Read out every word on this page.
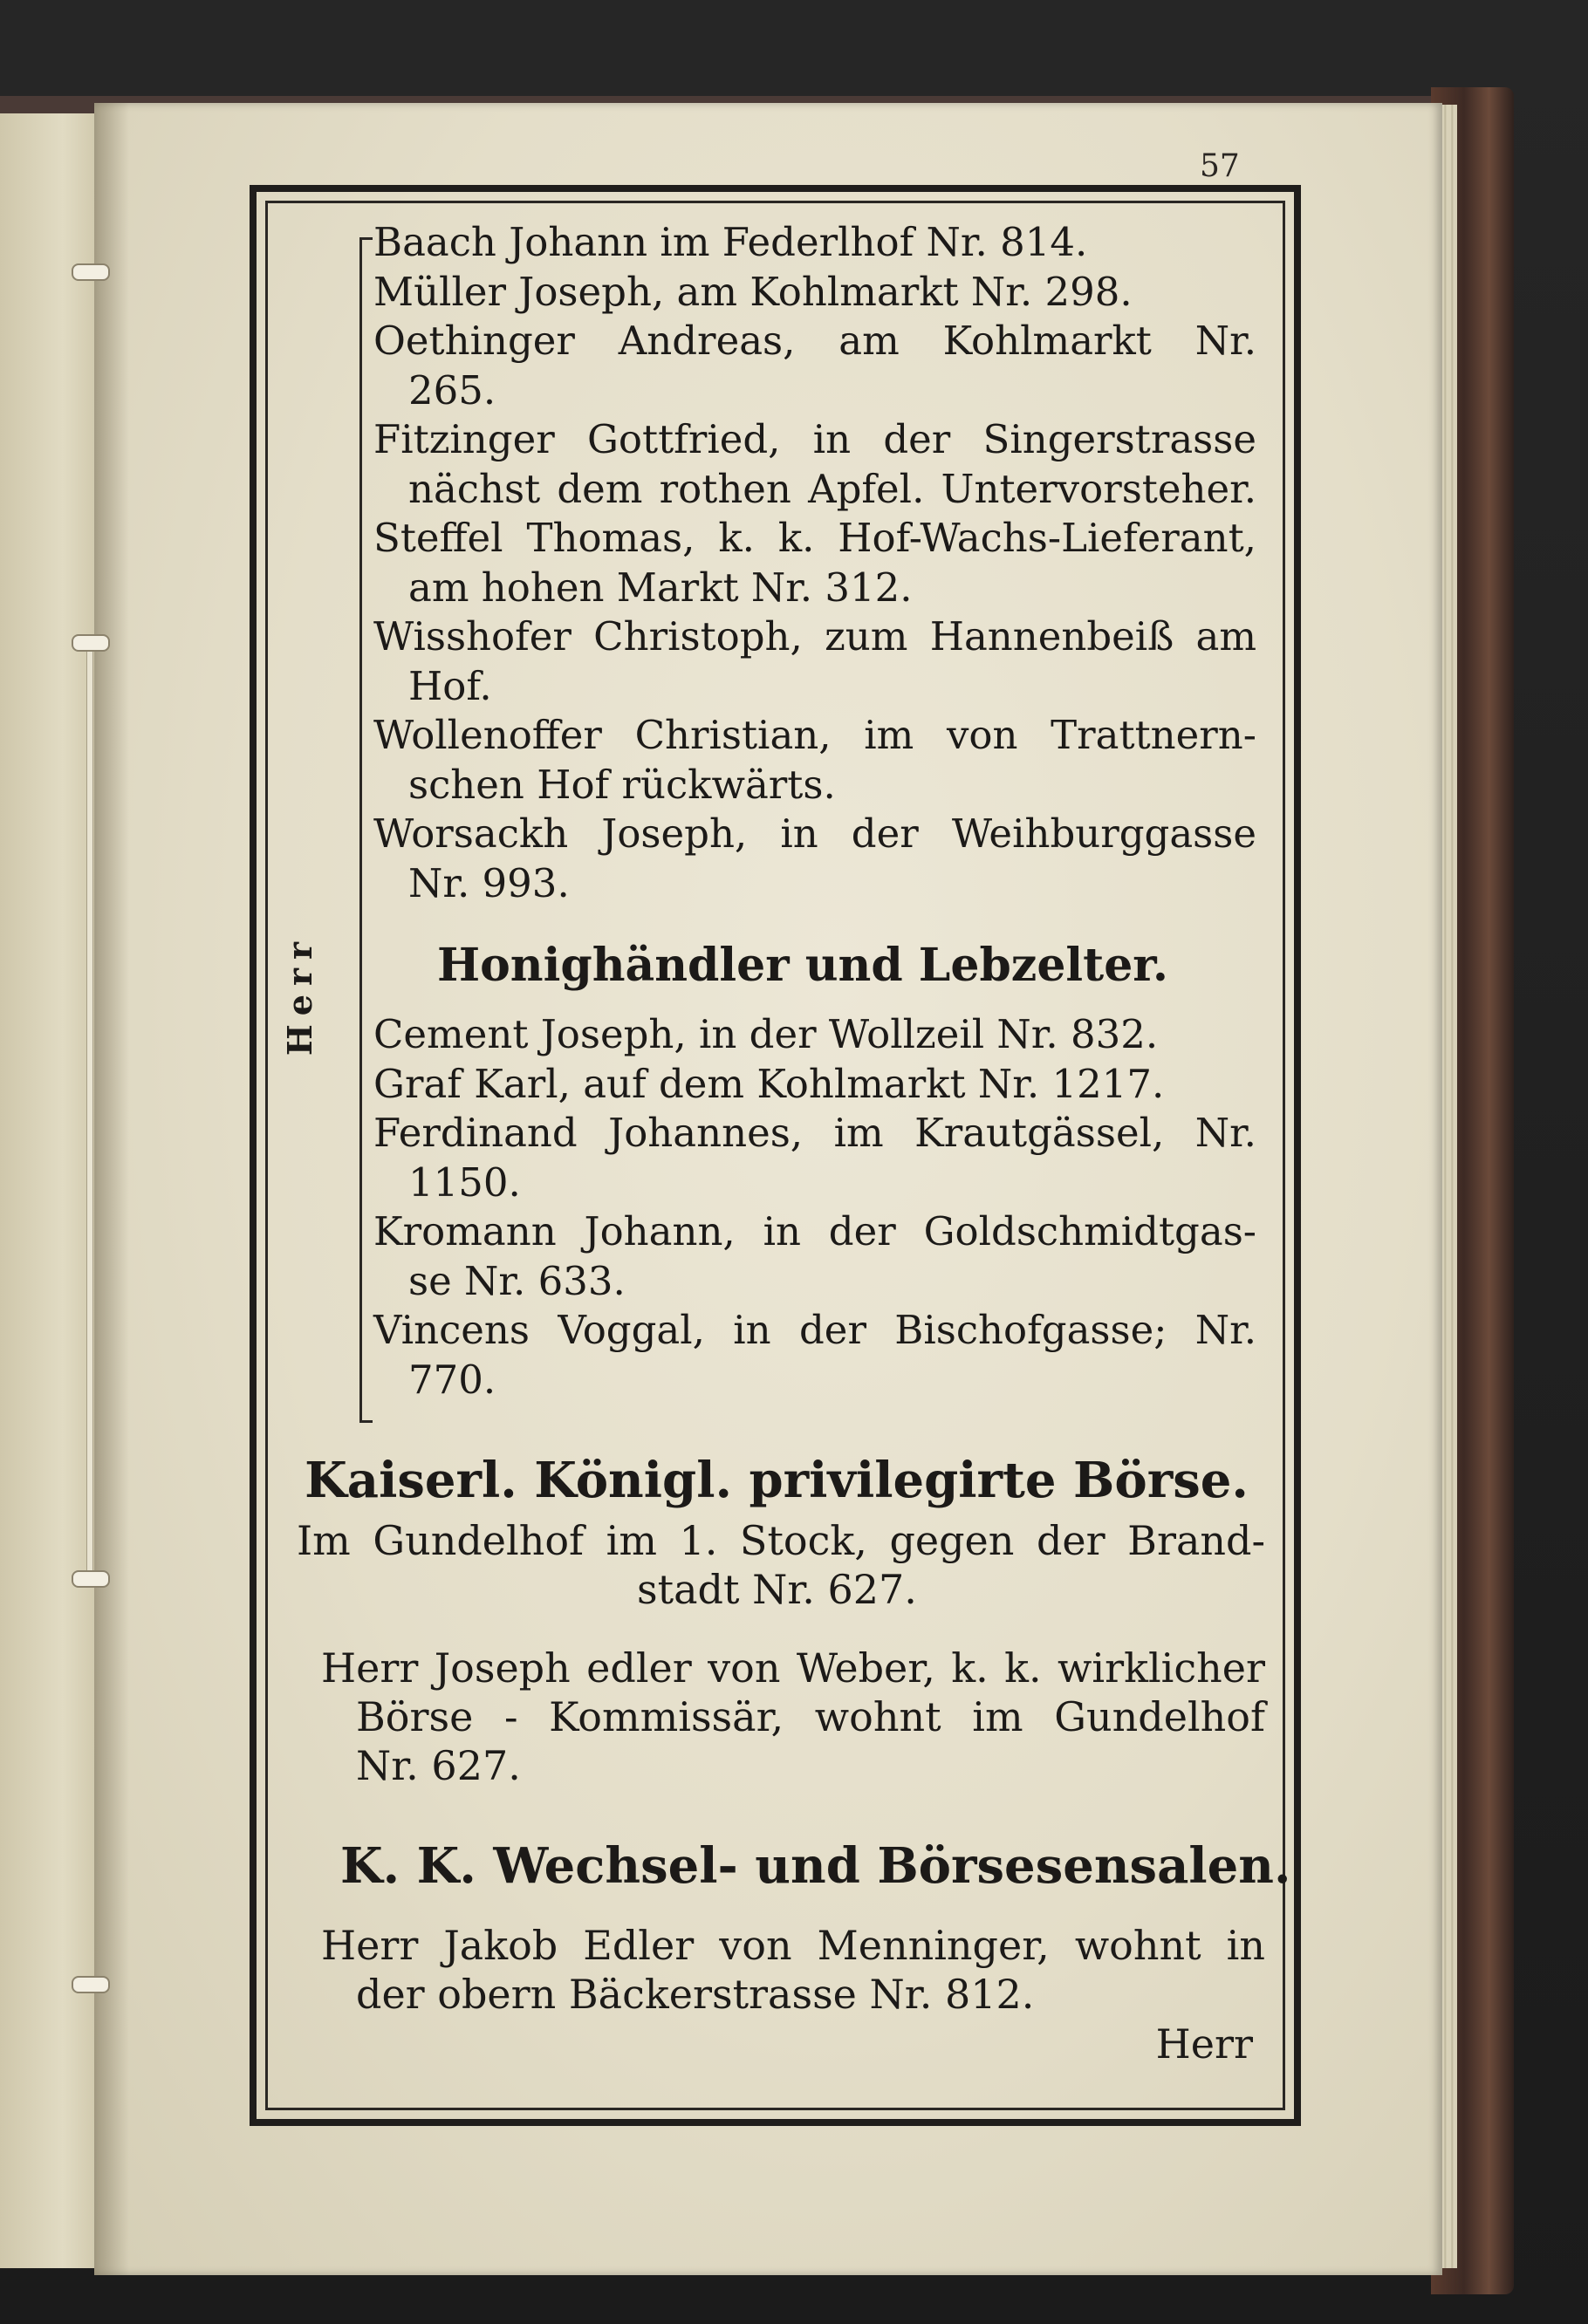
57
Herr
Baach Johann im Federlhof Nr. 814.
Müller Joseph, am Kohlmarkt Nr. 298.
Oethinger Andreas, am Kohlmarkt Nr.
265.
Fitzinger Gottfried, in der Singerstrasse
nächst dem rothen Apfel. Untervorsteher.
Steffel Thomas, k. k. Hof-Wachs-Lieferant,
am hohen Markt Nr. 312.
Wisshofer Christoph, zum Hannenbeiß am
Hof.
Wollenoffer Christian, im von Trattnern-
schen Hof rückwärts.
Worsackh Joseph, in der Weihburggasse
Nr. 993.
Honighändler und Lebzelter.
Cement Joseph, in der Wollzeil Nr. 832.
Graf Karl, auf dem Kohlmarkt Nr. 1217.
Ferdinand Johannes, im Krautgässel, Nr.
1150.
Kromann Johann, in der Goldschmidtgas-
se Nr. 633.
Vincens Voggal, in der Bischofgasse; Nr.
770.
Kaiserl. Königl. privilegirte Börse.
Im Gundelhof im 1. Stock, gegen der Brand-
stadt Nr. 627.
Herr Joseph edler von Weber, k. k. wirklicher
Börse - Kommissär, wohnt im Gundelhof
Nr. 627.
K. K. Wechsel- und Börsesensalen.
Herr Jakob Edler von Menninger, wohnt in
der obern Bäckerstrasse Nr. 812.
Herr
